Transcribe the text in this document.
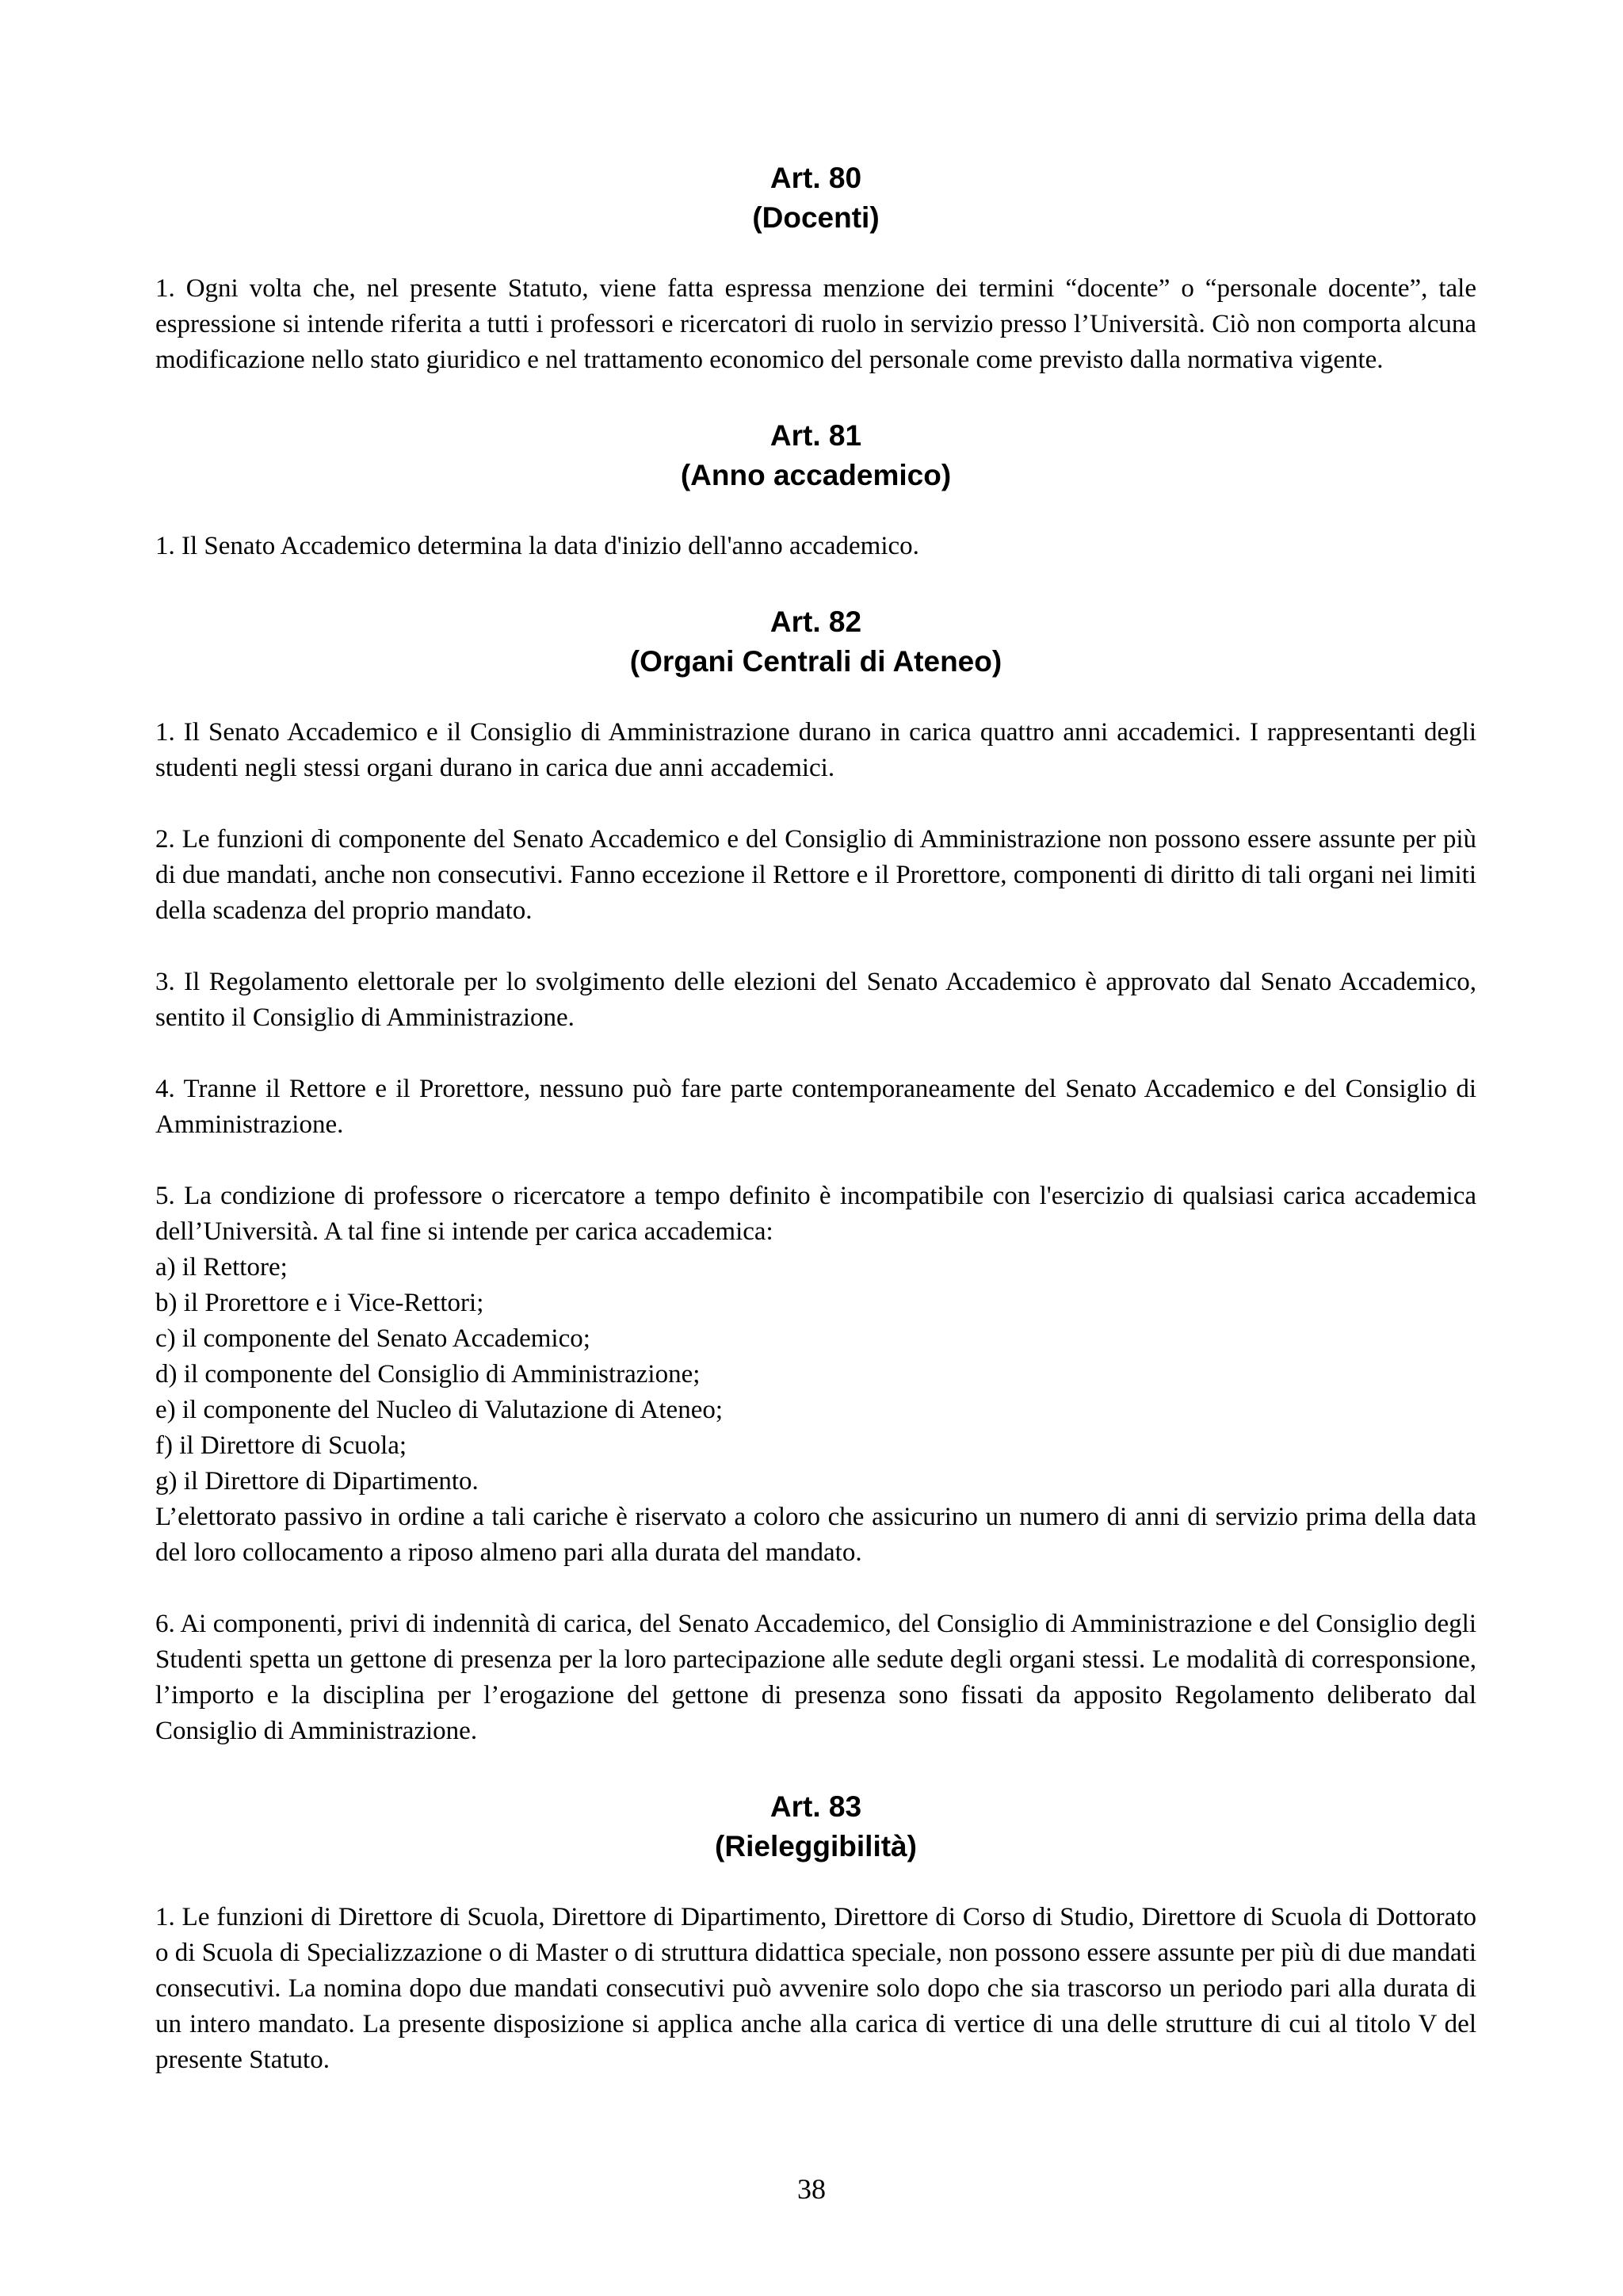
Art. 80
(Docenti)

1. Ogni volta che, nel presente Statuto, viene fatta espressa menzione dei termini “docente” o “personale docente”, tale espressione si intende riferita a tutti i professori e ricercatori di ruolo in servizio presso l’Università. Ciò non comporta alcuna modificazione nello stato giuridico e nel trattamento economico del personale come previsto dalla normativa vigente.

Art. 81
(Anno accademico)

1. Il Senato Accademico determina la data d'inizio dell'anno accademico.

Art. 82
(Organi Centrali di Ateneo)

1. Il Senato Accademico e il Consiglio di Amministrazione durano in carica quattro anni accademici. I rappresentanti degli studenti negli stessi organi durano in carica due anni accademici.

2. Le funzioni di componente del Senato Accademico e del Consiglio di Amministrazione non possono essere assunte per più di due mandati, anche non consecutivi. Fanno eccezione il Rettore e il Prorettore, componenti di diritto di tali organi nei limiti della scadenza del proprio mandato.

3. Il Regolamento elettorale per lo svolgimento delle elezioni del Senato Accademico è approvato dal Senato Accademico, sentito il Consiglio di Amministrazione.

4. Tranne il Rettore e il Prorettore, nessuno può fare parte contemporaneamente del Senato Accademico e del Consiglio di Amministrazione.

5. La condizione di professore o ricercatore a tempo definito è incompatibile con l'esercizio di qualsiasi carica accademica dell’Università. A tal fine si intende per carica accademica:

a) il Rettore;
b) il Prorettore e i Vice-Rettori;
c) il componente del Senato Accademico;
d) il componente del Consiglio di Amministrazione;
e) il componente del Nucleo di Valutazione di Ateneo;
f) il Direttore di Scuola;
g) il Direttore di Dipartimento.

L’elettorato passivo in ordine a tali cariche è riservato a coloro che assicurino un numero di anni di servizio prima della data del loro collocamento a riposo almeno pari alla durata del mandato.

6. Ai componenti, privi di indennità di carica, del Senato Accademico, del Consiglio di Amministrazione e del Consiglio degli Studenti spetta un gettone di presenza per la loro partecipazione alle sedute degli organi stessi. Le modalità di corresponsione, l’importo e la disciplina per l’erogazione del gettone di presenza sono fissati da apposito Regolamento deliberato dal Consiglio di Amministrazione.

Art. 83
(Rieleggibilità)

1. Le funzioni di Direttore di Scuola, Direttore di Dipartimento, Direttore di Corso di Studio, Direttore di Scuola di Dottorato o di Scuola di Specializzazione o di Master o di struttura didattica speciale, non possono essere assunte per più di due mandati consecutivi. La nomina dopo due mandati consecutivi può avvenire solo dopo che sia trascorso un periodo pari alla durata di un intero mandato. La presente disposizione si applica anche alla carica di vertice di una delle strutture di cui al titolo V del presente Statuto.

38
